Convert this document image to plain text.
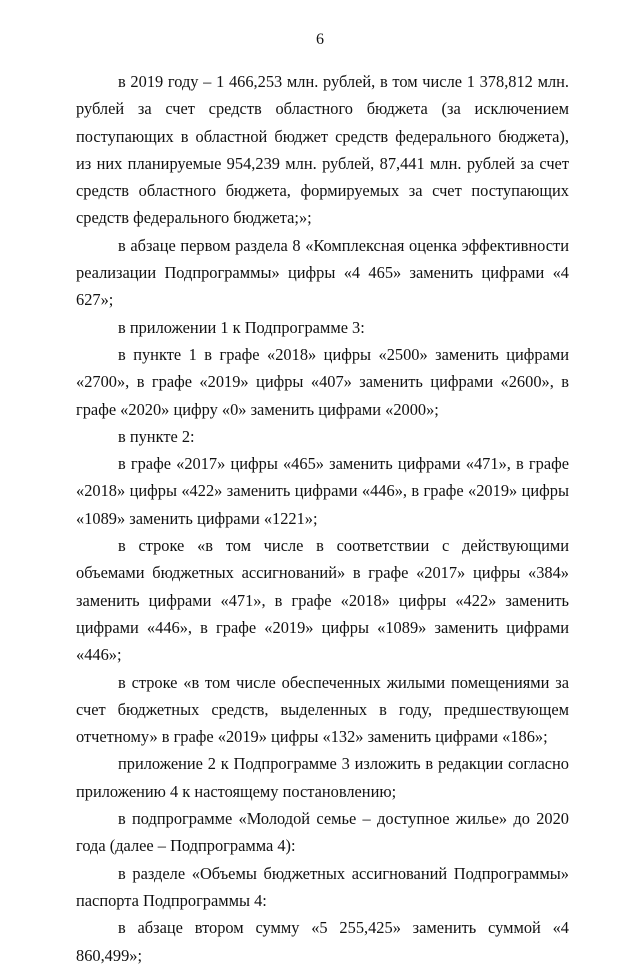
6

в 2019 году – 1 466,253 млн. рублей, в том числе 1 378,812 млн. рублей за счет средств областного бюджета (за исключением поступающих в областной бюджет средств федерального бюджета), из них планируемые 954,239 млн. рублей, 87,441 млн. рублей за счет средств областного бюджета, формируемых за счет поступающих средств федерального бюджета;»;

в абзаце первом раздела 8 «Комплексная оценка эффективности реализации Подпрограммы» цифры «4 465» заменить цифрами «4 627»;

в приложении 1 к Подпрограмме 3:

в пункте 1 в графе «2018» цифры «2500» заменить цифрами «2700», в графе «2019» цифры «407» заменить цифрами «2600», в графе «2020» цифру «0» заменить цифрами «2000»;

в пункте 2:

в графе «2017» цифры «465» заменить цифрами «471», в графе «2018» цифры «422» заменить цифрами «446», в графе «2019» цифры «1089» заменить цифрами «1221»;

в строке «в том числе в соответствии с действующими объемами бюджетных ассигнований» в графе «2017» цифры «384» заменить цифрами «471», в графе «2018» цифры «422» заменить цифрами «446», в графе «2019» цифры «1089» заменить цифрами «446»;

в строке «в том числе обеспеченных жилыми помещениями за счет бюджетных средств, выделенных в году, предшествующем отчетному» в графе «2019» цифры «132» заменить цифрами «186»;

приложение 2 к Подпрограмме 3 изложить в редакции согласно приложению 4 к настоящему постановлению;

в подпрограмме «Молодой семье – доступное жилье» до 2020 года (далее – Подпрограмма 4):

в разделе «Объемы бюджетных ассигнований Подпрограммы» паспорта Подпрограммы 4:

в абзаце втором сумму «5 255,425» заменить суммой «4 860,499»;
